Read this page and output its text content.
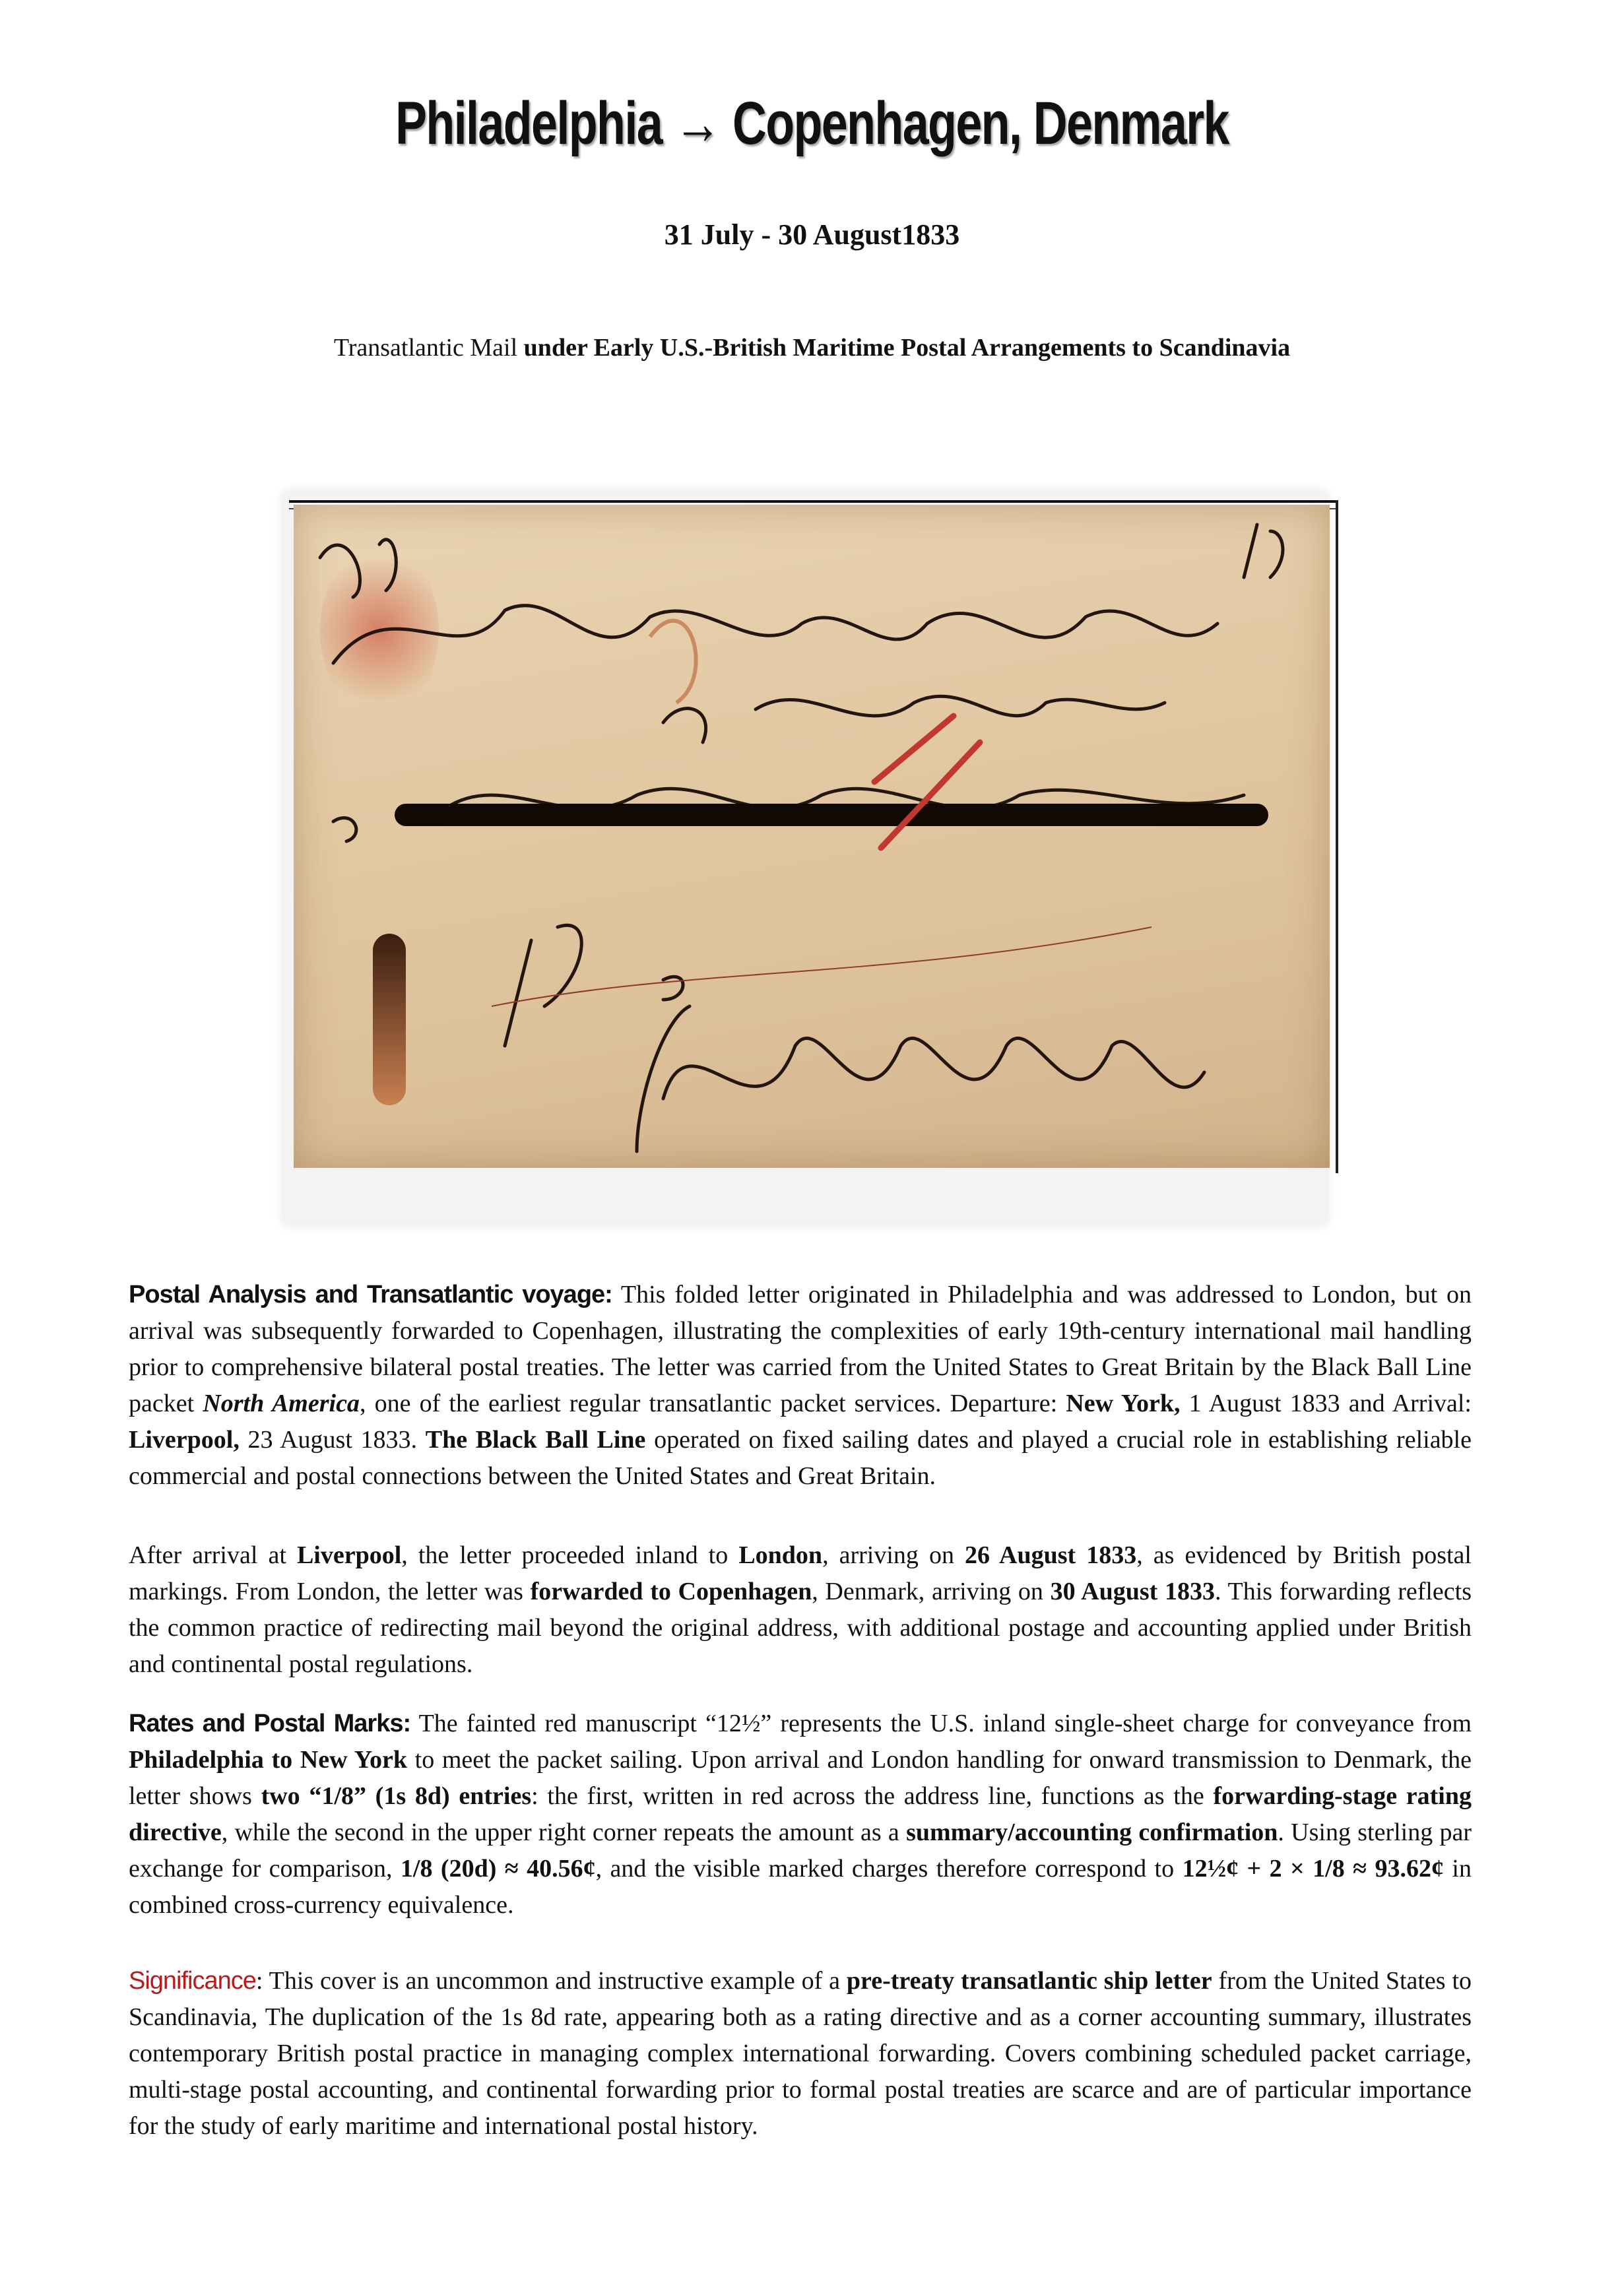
Philadelphia → Copenhagen, Denmark
31 July - 30 August1833
Transatlantic Mail under Early U.S.-British Maritime Postal Arrangements to Scandinavia
Postal Analysis and Transatlantic voyage: This folded letter originated in Philadelphia and was addressed to London, but on arrival was subsequently forwarded to Copenhagen, illustrating the complexities of early 19th-century international mail handling prior to comprehensive bilateral postal treaties. The letter was carried from the United States to Great Britain by the Black Ball Line packet North America, one of the earliest regular transatlantic packet services. Departure: New York, 1 August 1833 and Arrival: Liverpool, 23 August 1833. The Black Ball Line operated on fixed sailing dates and played a crucial role in establishing reliable commercial and postal connections between the United States and Great Britain.
After arrival at Liverpool, the letter proceeded inland to London, arriving on 26 August 1833, as evidenced by British postal markings. From London, the letter was forwarded to Copenhagen, Denmark, arriving on 30 August 1833. This forwarding reflects the common practice of redirecting mail beyond the original address, with additional postage and accounting applied under British and continental postal regulations.
Rates and Postal Marks: The fainted red manuscript “12½” represents the U.S. inland single-sheet charge for conveyance from Philadelphia to New York to meet the packet sailing. Upon arrival and London handling for onward transmission to Denmark, the letter shows two “1/8” (1s 8d) entries: the first, written in red across the address line, functions as the forwarding-stage rating directive, while the second in the upper right corner repeats the amount as a summary/accounting confirmation. Using sterling par exchange for comparison, 1/8 (20d) ≈ 40.56¢, and the visible marked charges therefore correspond to 12½¢ + 2 × 1/8 ≈ 93.62¢ in combined cross-currency equivalence.
Significance: This cover is an uncommon and instructive example of a pre-treaty transatlantic ship letter from the United States to Scandinavia, The duplication of the 1s 8d rate, appearing both as a rating directive and as a corner accounting summary, illustrates contemporary British postal practice in managing complex international forwarding. Covers combining scheduled packet carriage, multi-stage postal accounting, and continental forwarding prior to formal postal treaties are scarce and are of particular importance for the study of early maritime and international postal history.
